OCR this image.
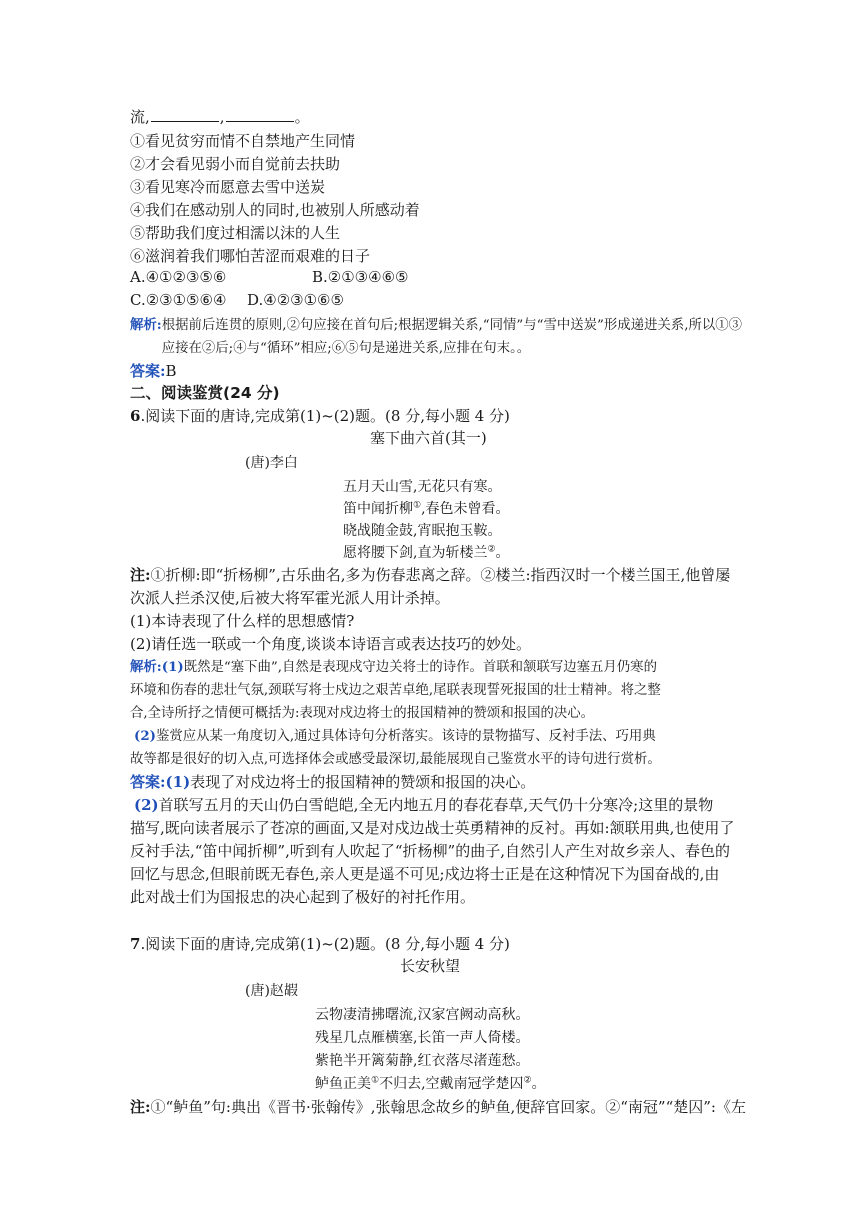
流,	,	。
①看见贫穷而情不自禁地产生同情
②才会看见弱小而自觉前去扶助
③看见寒冷而愿意去雪中送炭
④我们在感动别人的同时,也被别人所感动着
⑤帮助我们度过相濡以沫的人生
⑥滋润着我们哪怕苦涩而艰难的日子
A.④①②③⑤⑥	B.②①③④⑥⑤
C.②③①⑤⑥④ D.④②③①⑥⑤
解析:根据前后连贯的原则,②句应接在首句后;根据逻辑关系,“同情”与“雪中送炭”形成递进关系,所以①③应接在②后;④与“循环”相应;⑥⑤句是递进关系,应排在句末。。
答案:B
二、阅读鉴赏(24 分)
6.阅读下面的唐诗,完成第(1)~(2)题。(8 分,每小题 4 分)
塞下曲六首(其一)
(唐)李白
五月天山雪,无花只有寒。
笛中闻折柳①,春色未曾看。
晓战随金鼓,宵眠抱玉鞍。
愿将腰下剑,直为斩楼兰②。
注:①折柳:即“折杨柳”,古乐曲名,多为伤春悲离之辞。②楼兰:指西汉时一个楼兰国王,他曾屡
次派人拦杀汉使,后被大将军霍光派人用计杀掉。
(1)本诗表现了什么样的思想感情?
(2)请任选一联或一个角度,谈谈本诗语言或表达技巧的妙处。
解析:(1)既然是“塞下曲”,自然是表现戍守边关将士的诗作。首联和颔联写边塞五月仍寒的
环境和伤春的悲壮气氛,颈联写将士戍边之艰苦卓绝,尾联表现誓死报国的壮士精神。将之整
合,全诗所抒之情便可概括为:表现对戍边将士的报国精神的赞颂和报国的决心。
(2)鉴赏应从某一角度切入,通过具体诗句分析落实。该诗的景物描写、反衬手法、巧用典
故等都是很好的切入点,可选择体会或感受最深切,最能展现自己鉴赏水平的诗句进行赏析。
答案:(1)表现了对戍边将士的报国精神的赞颂和报国的决心。
(2)首联写五月的天山仍白雪皑皑,全无内地五月的春花春草,天气仍十分寒冷;这里的景物
描写,既向读者展示了苍凉的画面,又是对戍边战士英勇精神的反衬。再如:颔联用典,也使用了
反衬手法,“笛中闻折柳”,听到有人吹起了“折杨柳”的曲子,自然引人产生对故乡亲人、春色的
回忆与思念,但眼前既无春色,亲人更是遥不可见;戍边将士正是在这种情况下为国奋战的,由
此对战士们为国报忠的决心起到了极好的衬托作用。
7.阅读下面的唐诗,完成第(1)~(2)题。(8 分,每小题 4 分)
长安秋望
(唐)赵嘏
云物凄清拂曙流,汉家宫阙动高秋。
残星几点雁横塞,长笛一声人倚楼。
紫艳半开篱菊静,红衣落尽渚莲愁。
鲈鱼正美①不归去,空戴南冠学楚囚②。
注:①“鲈鱼”句:典出《晋书·张翰传》,张翰思念故乡的鲈鱼,便辞官回家。②“南冠”“楚囚”:《左
